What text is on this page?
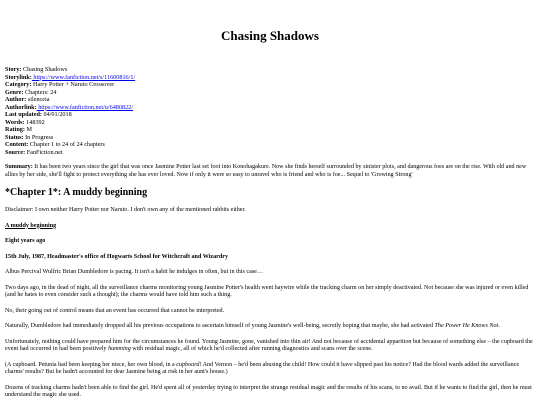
Chasing Shadows
Story: Chasing Shadows
Storylink: https://www.fanfiction.net/s/11600816/1/
Category: Harry Potter + Naruto Crossover
Genre: Chapters: 24
Author: silenceia
Authorlink: https://www.fanfiction.net/u/6480822/
Last updated: 04/01/2018
Words: 148392
Rating: M
Status: In Progress
Content: Chapter 1 to 24 of 24 chapters
Source: FanFiction.net

Summary: It has been two years since the girl that was once Jasmine Potter last set foot into Konohagakure. Now she finds herself surrounded by sinister plots, and dangerous foes are on the rise. With old and new allies by her side, she'll fight to protect everything she has ever loved. Now if only it were so easy to unravel who is friend and who is foe... Sequel to 'Growing Strong'

*Chapter 1*: A muddy beginning

Disclaimer: I own neither Harry Potter nor Naruto. I don't own any of the mentioned rabbits either.

A muddy beginning

Eight years ago

15th July, 1987, Headmaster's office of Hogwarts School for Witchcraft and Wizardry

Albus Percival Wulfric Brian Dumbledore is pacing. It isn't a habit he indulges in often, but in this case…

Two days ago, in the dead of night, all the surveillance charms monitoring young Jasmine Potter's health went haywire while the tracking charm on her simply deactivated. Not because she was injured or even killed (and he hates to even consider such a thought); the charms would have told him such a thing.

No, their going out of control means that an event has occurred that cannot be interpreted.

Naturally, Dumbledore had immediately dropped all his previous occupations to ascertain himself of young Jasmine's well-being, secretly hoping that maybe, she had activated The Power He Knows Not.

Unfortunately, nothing could have prepared him for the circumstances he found. Young Jasmine, gone, vanished into thin air! And not because of accidental apparition but because of something else – the cupboard the event had occurred in had been positively humming with residual magic, all of which he'd collected after running diagnostics and scans over the scene.

(A cupboard. Petunia had been keeping her niece, her own blood, in a cupboard! And Vernon – he'd been abusing the child! How could it have slipped past his notice? Had the blood wards added the surveillance charms' results? But he hadn't accounted for dear Jasmine being at risk in her aunt's house.)

Dozens of tracking charms hadn't been able to find the girl. He'd spent all of yesterday trying to interpret the strange residual magic and the results of his scans, to no avail. But if he wants to find the girl, then he must understand the magic she used.
